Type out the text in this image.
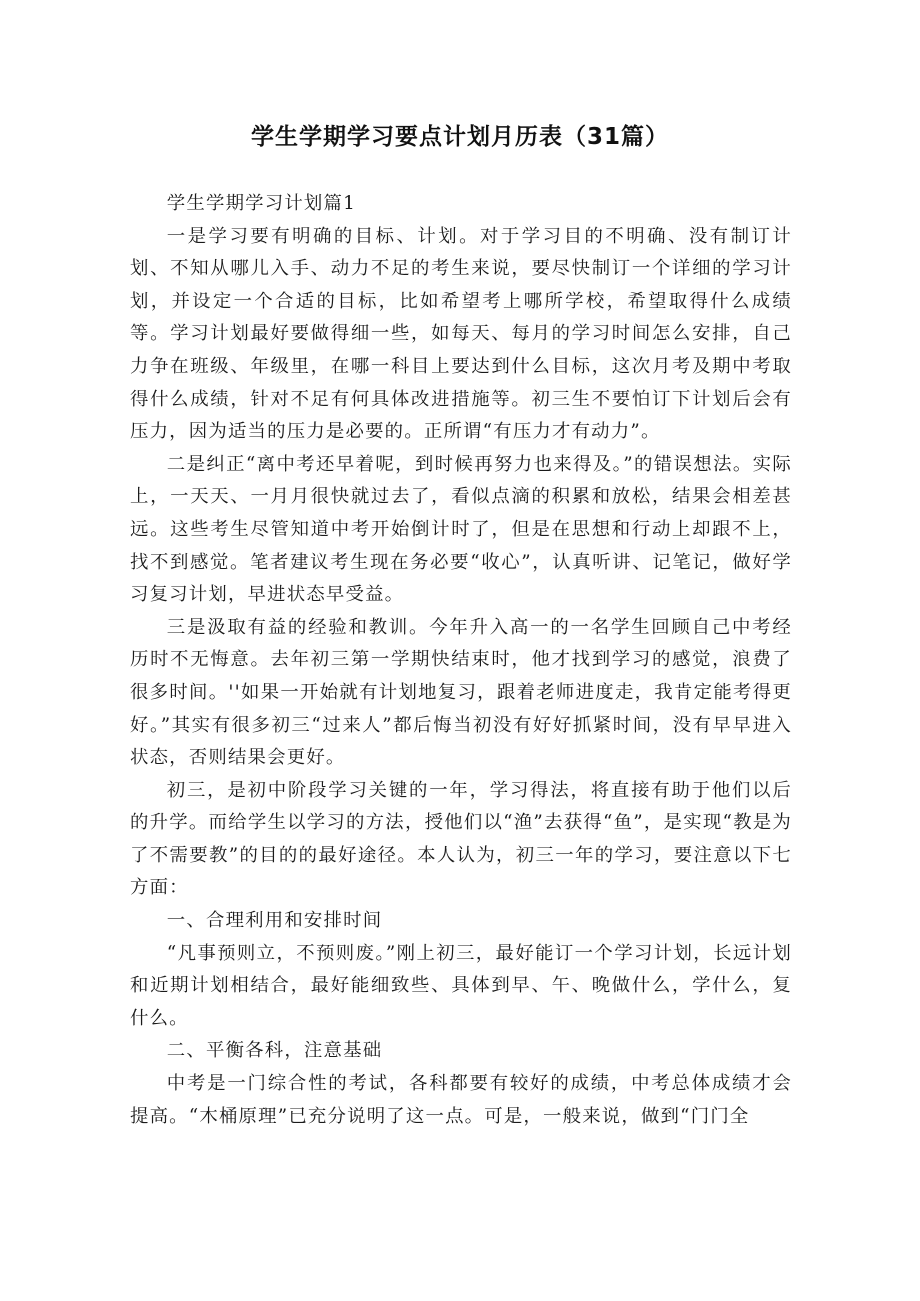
学生学期学习要点计划月历表（31篇）

学生学期学习计划篇1

一是学习要有明确的目标、计划。对于学习目的不明确、没有制订计划、不知从哪儿入手、动力不足的考生来说，要尽快制订一个详细的学习计划，并设定一个合适的目标，比如希望考上哪所学校，希望取得什么成绩等。学习计划最好要做得细一些，如每天、每月的学习时间怎么安排，自己力争在班级、年级里，在哪一科目上要达到什么目标，这次月考及期中考取得什么成绩，针对不足有何具体改进措施等。初三生不要怕订下计划后会有压力，因为适当的压力是必要的。正所谓“有压力才有动力”。

二是纠正“离中考还早着呢，到时候再努力也来得及。”的错误想法。实际上，一天天、一月月很快就过去了，看似点滴的积累和放松，结果会相差甚远。这些考生尽管知道中考开始倒计时了，但是在思想和行动上却跟不上，找不到感觉。笔者建议考生现在务必要“收心”，认真听讲、记笔记，做好学习复习计划，早进状态早受益。

三是汲取有益的经验和教训。今年升入高一的一名学生回顾自己中考经历时不无悔意。去年初三第一学期快结束时，他才找到学习的感觉，浪费了很多时间。''如果一开始就有计划地复习，跟着老师进度走，我肯定能考得更好。”其实有很多初三“过来人”都后悔当初没有好好抓紧时间，没有早早进入状态，否则结果会更好。

初三，是初中阶段学习关键的一年，学习得法，将直接有助于他们以后的升学。而给学生以学习的方法，授他们以“渔”去获得“鱼”，是实现“教是为了不需要教”的目的的最好途径。本人认为，初三一年的学习，要注意以下七方面：

一、合理利用和安排时间

“凡事预则立，不预则废。”刚上初三，最好能订一个学习计划，长远计划和近期计划相结合，最好能细致些、具体到早、午、晚做什么，学什么，复什么。

二、平衡各科，注意基础

中考是一门综合性的考试，各科都要有较好的成绩，中考总体成绩才会提高。“木桶原理”已充分说明了这一点。可是，一般来说，做到“门门全
